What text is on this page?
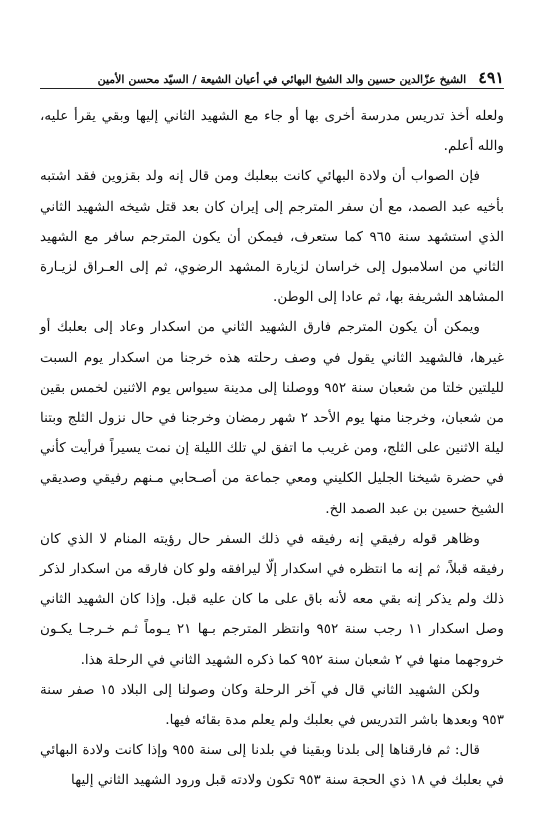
٤٩١
الشيخ عزّالدين حسين والد الشيخ البهائي في أعيان الشيعة / السيّد محسن الأمين

ولعله أخذ تدريس مدرسة أخرى بها أو جاء مع الشهيد الثاني إليها وبقي يقرأ عليه، والله أعلم.

فإن الصواب أن ولادة البهائي كانت ببعلبك ومن قال إنه ولد بقزوين فقد اشتبه بأخيه عبد الصمد، مع أن سفر المترجم إلى إيران كان بعد قتل شيخه الشهيد الثاني الذي استشهد سنة ٩٦٥ كما ستعرف، فيمكن أن يكون المترجم سافر مع الشهيد الثاني من اسلامبول إلى خراسان لزيارة المشهد الرضوي، ثم إلى العـراق لزيـارة المشاهد الشريفة بها، ثم عادا إلى الوطن.

ويمكن أن يكون المترجم فارق الشهيد الثاني من اسكدار وعاد إلى بعلبك أو غيرها، فالشهيد الثاني يقول في وصف رحلته هذه خرجنا من اسكدار يوم السبت لليلتين خلتا من شعبان سنة ٩٥٢ ووصلنا إلى مدينة سيواس يوم الاثنين لخمس بقين من شعبان، وخرجنا منها يوم الأحد ٢ شهر رمضان وخرجنا في حال نزول الثلج وبتنا ليلة الاثنين على الثلج، ومن غريب ما اتفق لي تلك الليلة إن نمت يسيراً فرأيت كأني في حضرة شيخنا الجليل الكليني ومعي جماعة من أصـحابي مـنهم رفيقي وصديقي الشيخ حسين بن عبد الصمد الخ.

وظاهر قوله رفيقي إنه رفيقه في ذلك السفر حال رؤيته المنام لا الذي كان رفيقه قبلاً، ثم إنه ما انتظره في اسكدار إلّا ليرافقه ولو كان فارقه من اسكدار لذكر ذلك ولم يذكر إنه بقي معه لأنه باق على ما كان عليه قبل. وإذا كان الشهيد الثاني وصل اسكدار ١١ رجب سنة ٩٥٢ وانتظر المترجم بـها ٢١ يـوماً ثـم خـرجـا يكـون خروجهما منها في ٢ شعبان سنة ٩٥٢ كما ذكره الشهيد الثاني في الرحلة هذا.

ولكن الشهيد الثاني قال في آخر الرحلة وكان وصولنا إلى البلاد ١٥ صفر سنة ٩٥٣ وبعدها باشر التدريس في بعلبك ولم يعلم مدة بقائه فيها.

قال: ثم فارقناها إلى بلدنا وبقينا في بلدنا إلى سنة ٩٥٥ وإذا كانت ولادة البهائي في بعلبك في ١٨ ذي الحجة سنة ٩٥٣ تكون ولادته قبل ورود الشهيد الثاني إليها
